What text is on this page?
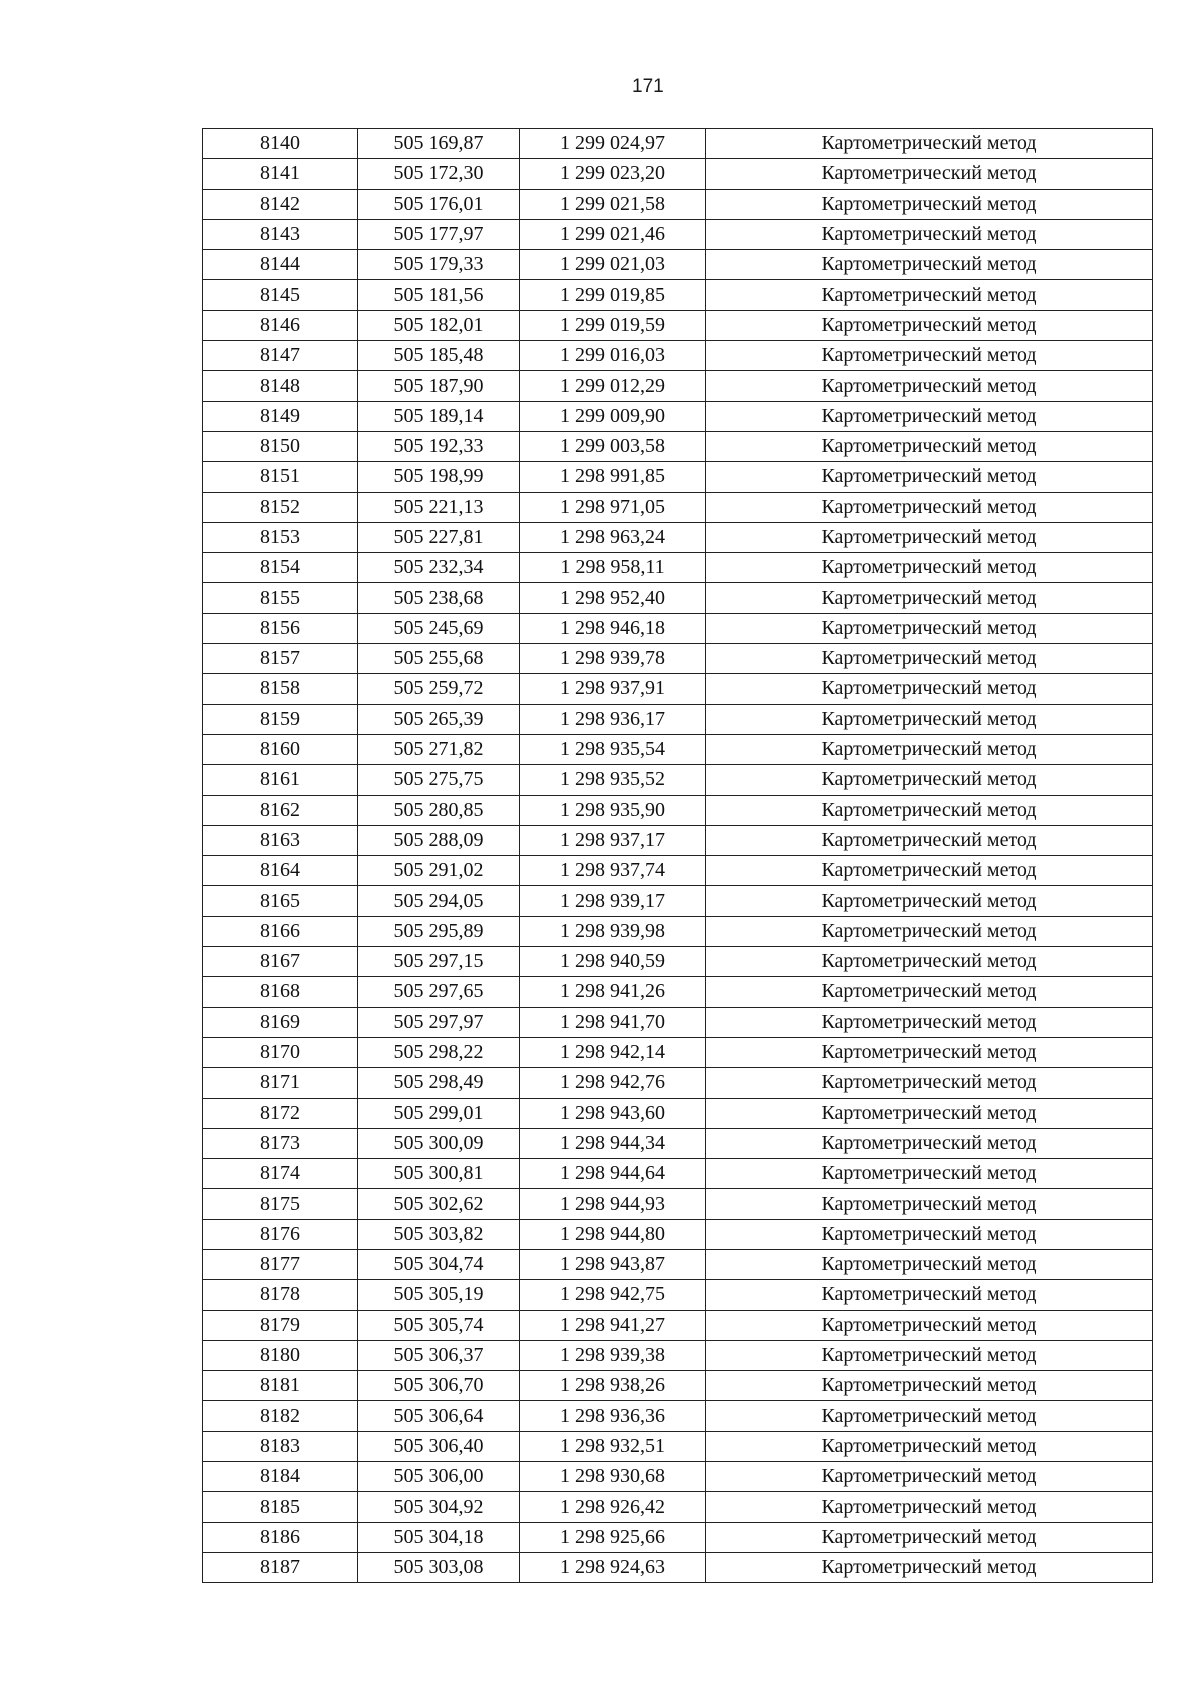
171
8140	505 169,87	1 299 024,97	Картометрический метод
8141	505 172,30	1 299 023,20	Картометрический метод
8142	505 176,01	1 299 021,58	Картометрический метод
8143	505 177,97	1 299 021,46	Картометрический метод
8144	505 179,33	1 299 021,03	Картометрический метод
8145	505 181,56	1 299 019,85	Картометрический метод
8146	505 182,01	1 299 019,59	Картометрический метод
8147	505 185,48	1 299 016,03	Картометрический метод
8148	505 187,90	1 299 012,29	Картометрический метод
8149	505 189,14	1 299 009,90	Картометрический метод
8150	505 192,33	1 299 003,58	Картометрический метод
8151	505 198,99	1 298 991,85	Картометрический метод
8152	505 221,13	1 298 971,05	Картометрический метод
8153	505 227,81	1 298 963,24	Картометрический метод
8154	505 232,34	1 298 958,11	Картометрический метод
8155	505 238,68	1 298 952,40	Картометрический метод
8156	505 245,69	1 298 946,18	Картометрический метод
8157	505 255,68	1 298 939,78	Картометрический метод
8158	505 259,72	1 298 937,91	Картометрический метод
8159	505 265,39	1 298 936,17	Картометрический метод
8160	505 271,82	1 298 935,54	Картометрический метод
8161	505 275,75	1 298 935,52	Картометрический метод
8162	505 280,85	1 298 935,90	Картометрический метод
8163	505 288,09	1 298 937,17	Картометрический метод
8164	505 291,02	1 298 937,74	Картометрический метод
8165	505 294,05	1 298 939,17	Картометрический метод
8166	505 295,89	1 298 939,98	Картометрический метод
8167	505 297,15	1 298 940,59	Картометрический метод
8168	505 297,65	1 298 941,26	Картометрический метод
8169	505 297,97	1 298 941,70	Картометрический метод
8170	505 298,22	1 298 942,14	Картометрический метод
8171	505 298,49	1 298 942,76	Картометрический метод
8172	505 299,01	1 298 943,60	Картометрический метод
8173	505 300,09	1 298 944,34	Картометрический метод
8174	505 300,81	1 298 944,64	Картометрический метод
8175	505 302,62	1 298 944,93	Картометрический метод
8176	505 303,82	1 298 944,80	Картометрический метод
8177	505 304,74	1 298 943,87	Картометрический метод
8178	505 305,19	1 298 942,75	Картометрический метод
8179	505 305,74	1 298 941,27	Картометрический метод
8180	505 306,37	1 298 939,38	Картометрический метод
8181	505 306,70	1 298 938,26	Картометрический метод
8182	505 306,64	1 298 936,36	Картометрический метод
8183	505 306,40	1 298 932,51	Картометрический метод
8184	505 306,00	1 298 930,68	Картометрический метод
8185	505 304,92	1 298 926,42	Картометрический метод
8186	505 304,18	1 298 925,66	Картометрический метод
8187	505 303,08	1 298 924,63	Картометрический метод
